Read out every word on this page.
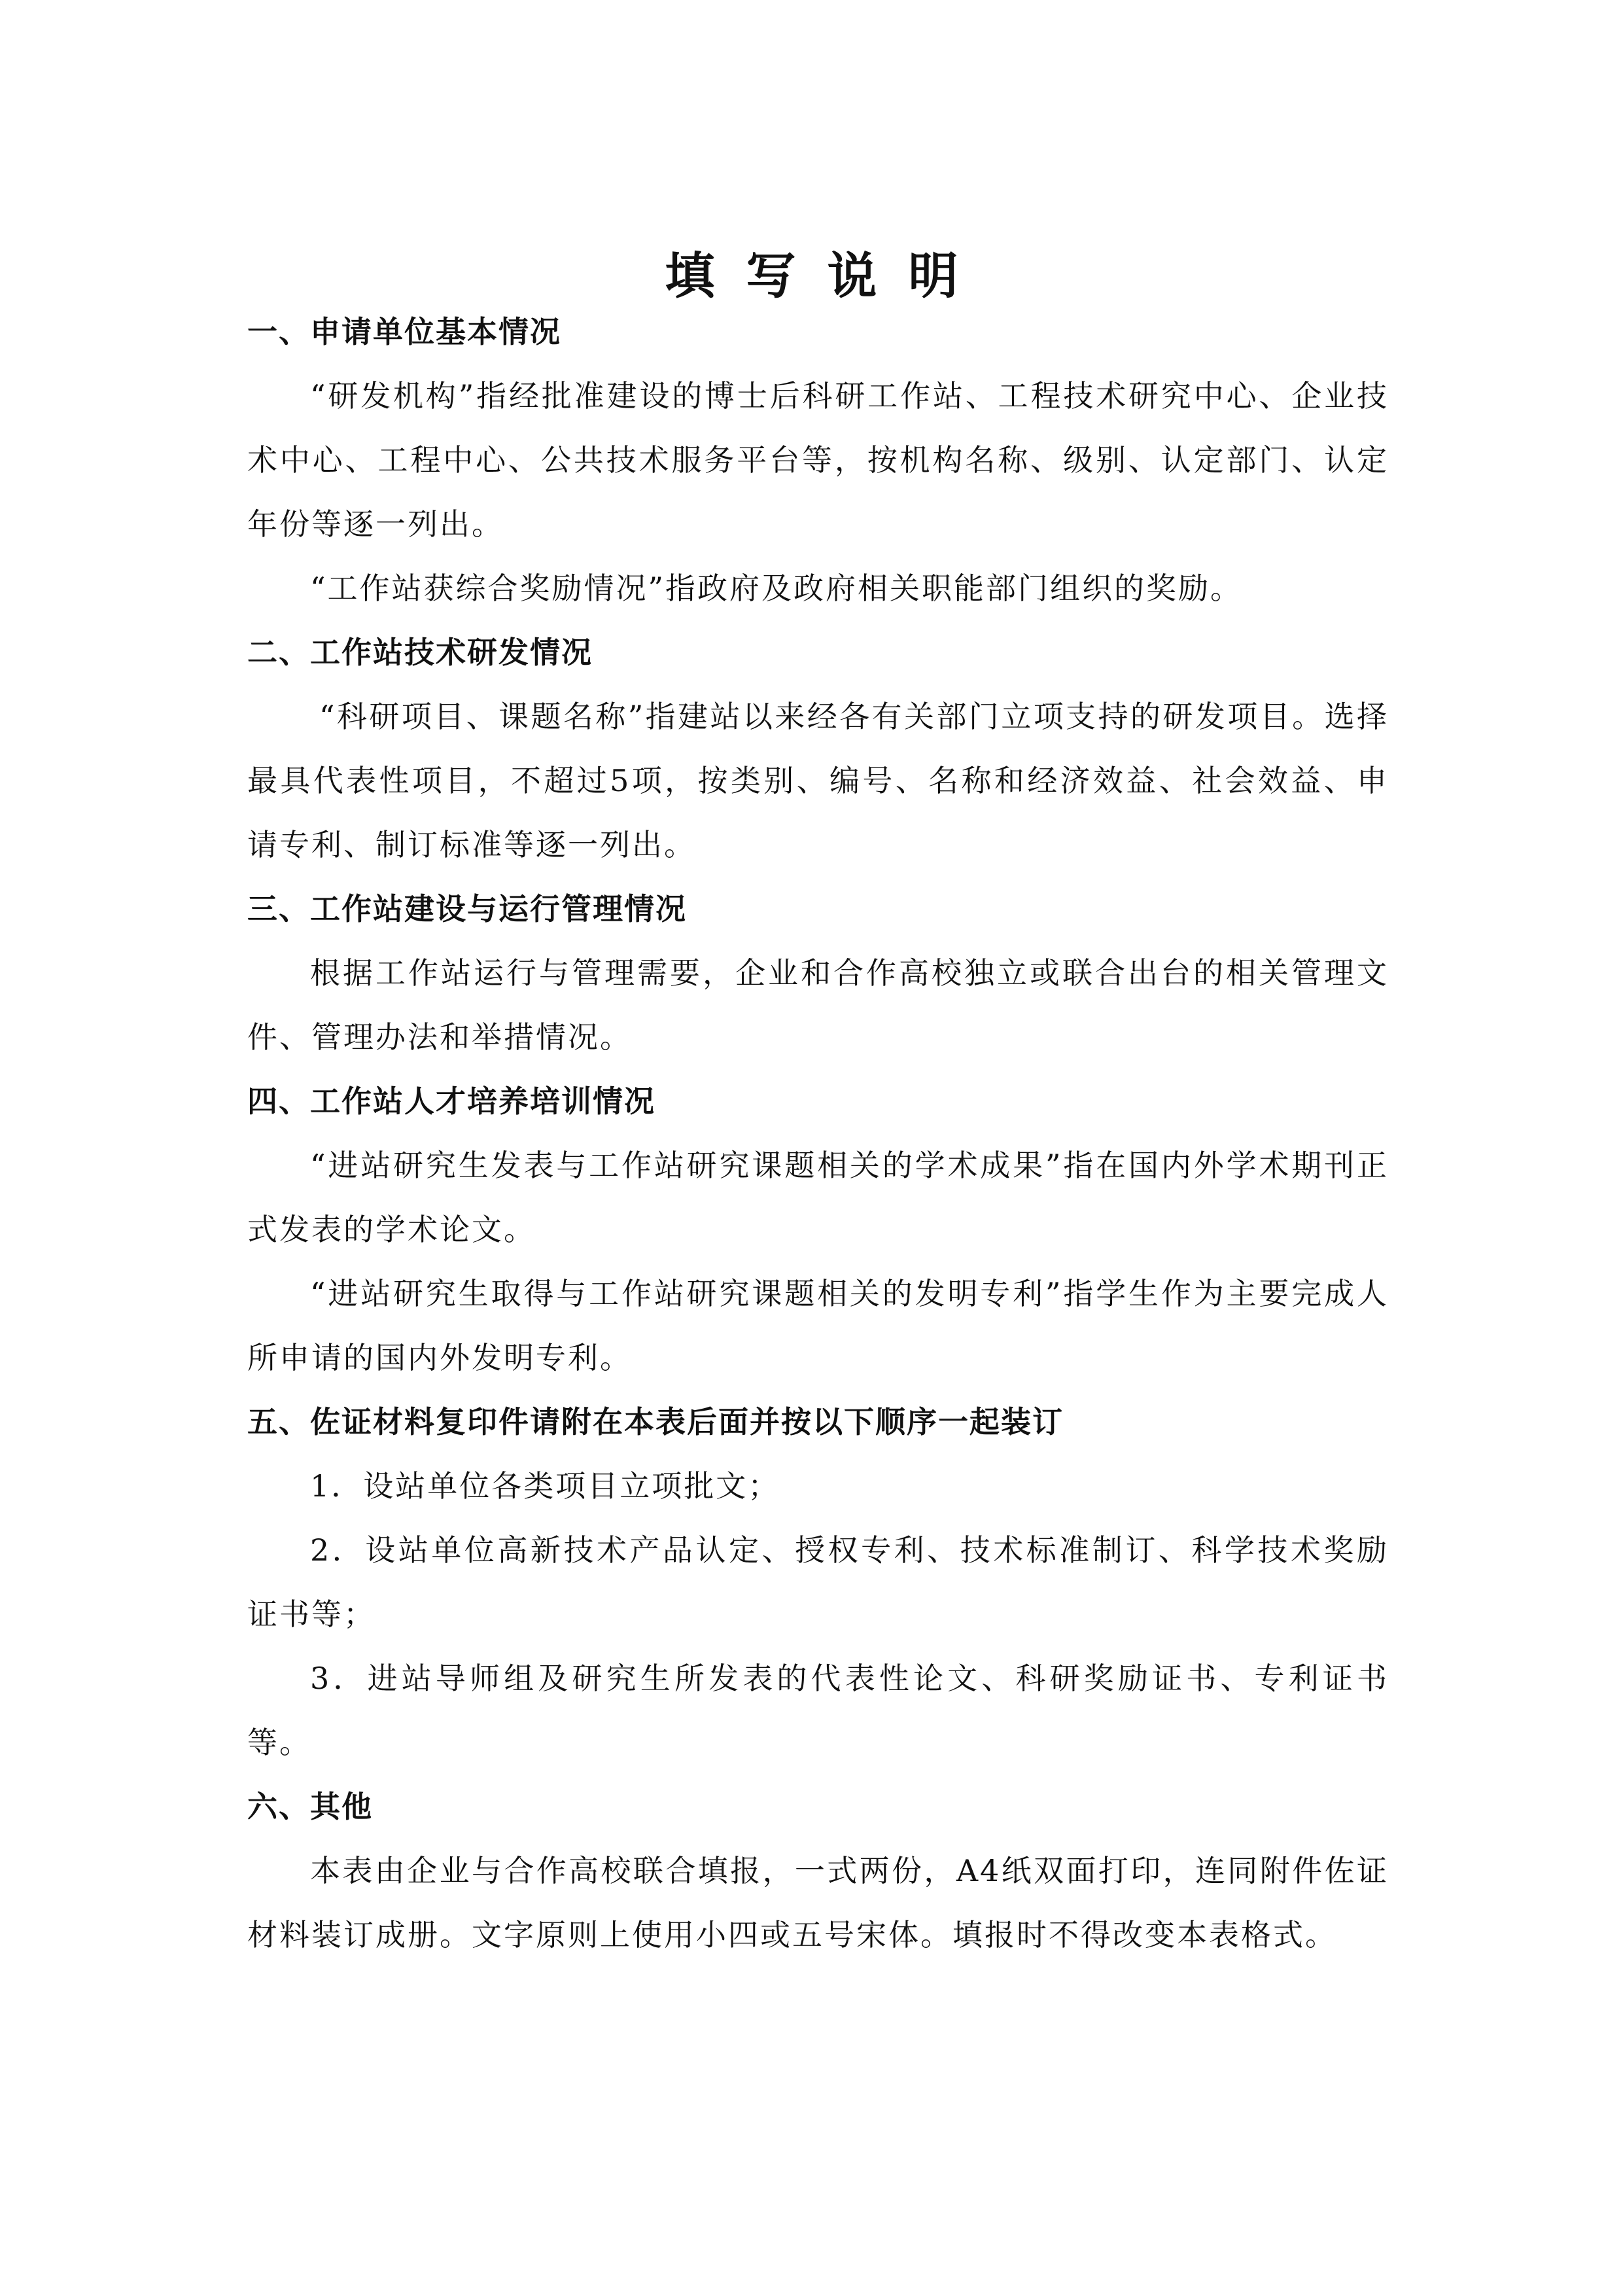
填写说明

一、申请单位基本情况

“研发机构”指经批准建设的博士后科研工作站、工程技术研究中心、企业技术中心、工程中心、公共技术服务平台等，按机构名称、级别、认定部门、认定年份等逐一列出。

“工作站获综合奖励情况”指政府及政府相关职能部门组织的奖励。

二、工作站技术研发情况

“科研项目、课题名称”指建站以来经各有关部门立项支持的研发项目。选择最具代表性项目，不超过5项，按类别、编号、名称和经济效益、社会效益、申请专利、制订标准等逐一列出。

三、工作站建设与运行管理情况

根据工作站运行与管理需要，企业和合作高校独立或联合出台的相关管理文件、管理办法和举措情况。

四、工作站人才培养培训情况

“进站研究生发表与工作站研究课题相关的学术成果”指在国内外学术期刊正式发表的学术论文。

“进站研究生取得与工作站研究课题相关的发明专利”指学生作为主要完成人所申请的国内外发明专利。

五、佐证材料复印件请附在本表后面并按以下顺序一起装订

1．设站单位各类项目立项批文；

2．设站单位高新技术产品认定、授权专利、技术标准制订、科学技术奖励证书等；

3．进站导师组及研究生所发表的代表性论文、科研奖励证书、专利证书等。

六、其他

本表由企业与合作高校联合填报，一式两份，A4纸双面打印，连同附件佐证材料装订成册。文字原则上使用小四或五号宋体。填报时不得改变本表格式。
